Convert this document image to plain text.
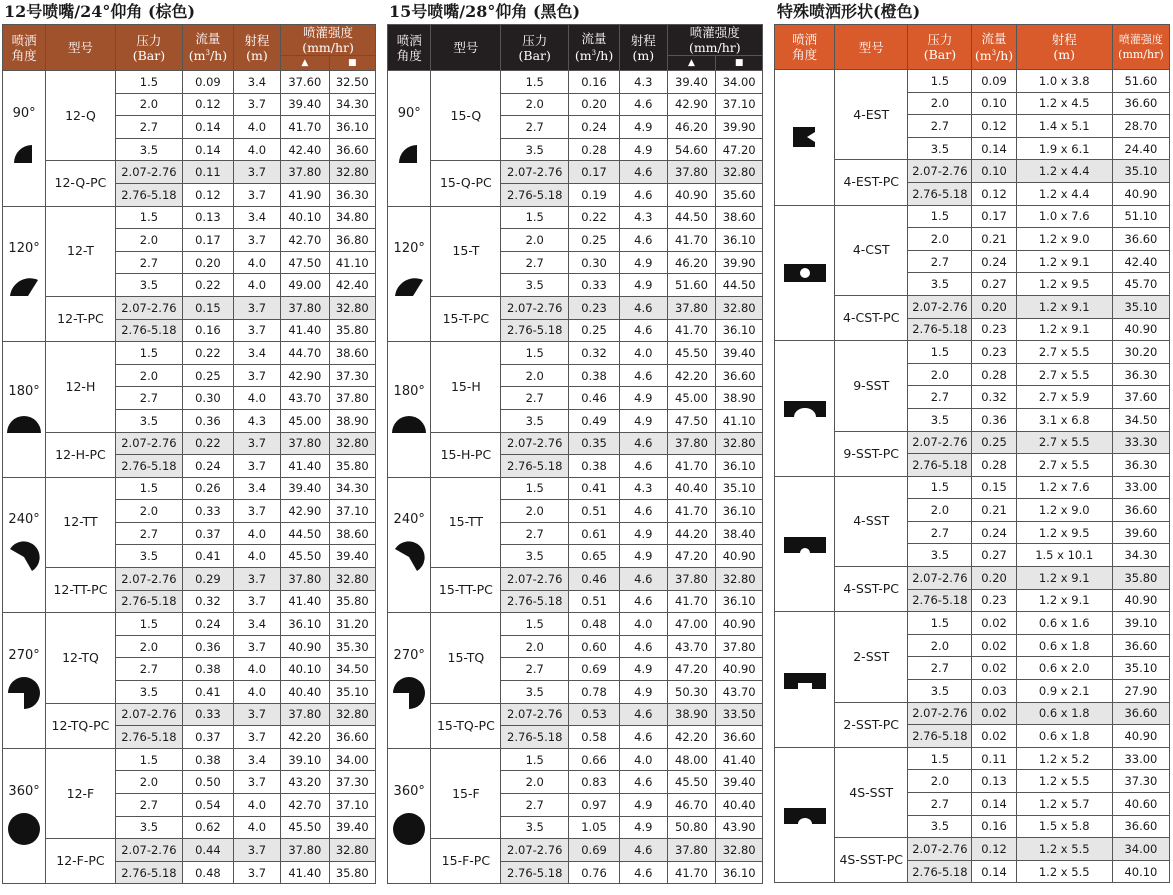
12号喷嘴/24°仰角 (棕色)
喷洒
角度	型号	压力
(Bar)	流量
$(m^3/h)$	射程
(m)	喷灌强度
(mm/hr)	
					▲	■

90°	12-Q	1.5	0.09	3.4	37.60	32.50
		2.0	0.12	3.7	39.40	34.30
		2.7	0.14	4.0	41.70	36.10
		3.5	0.14	4.0	42.40	36.60
	12-Q-PC	2.07-2.76	0.11	3.7	37.80	32.80
		2.76-5.18	0.12	3.7	41.90	36.30

120°	12-T	1.5	0.13	3.4	40.10	34.80
		2.0	0.17	3.7	42.70	36.80
		2.7	0.20	4.0	47.50	41.10
		3.5	0.22	4.0	49.00	42.40
	12-T-PC	2.07-2.76	0.15	3.7	37.80	32.80
		2.76-5.18	0.16	3.7	41.40	35.80

180°	12-H	1.5	0.22	3.4	44.70	38.60
		2.0	0.25	3.7	42.90	37.30
		2.7	0.30	4.0	43.70	37.80
		3.5	0.36	4.3	45.00	38.90
	12-H-PC	2.07-2.76	0.22	3.7	37.80	32.80
		2.76-5.18	0.24	3.7	41.40	35.80

240°	12-TT	1.5	0.26	3.4	39.40	34.30
		2.0	0.33	3.7	42.90	37.10
		2.7	0.37	4.0	44.50	38.60
		3.5	0.41	4.0	45.50	39.40
	12-TT-PC	2.07-2.76	0.29	3.7	37.80	32.80
		2.76-5.18	0.32	3.7	41.40	35.80

270°	12-TQ	1.5	0.24	3.4	36.10	31.20
		2.0	0.36	3.7	40.90	35.30
		2.7	0.38	4.0	40.10	34.50
		3.5	0.41	4.0	40.40	35.10
	12-TQ-PC	2.07-2.76	0.33	3.7	37.80	32.80
		2.76-5.18	0.37	3.7	42.20	36.60

360°	12-F	1.5	0.38	3.4	39.10	34.00
		2.0	0.50	3.7	43.20	37.30
		2.7	0.54	4.0	42.70	37.10
		3.5	0.62	4.0	45.50	39.40
	12-F-PC	2.07-2.76	0.44	3.7	37.80	32.80
		2.76-5.18	0.48	3.7	41.40	35.80
15号喷嘴/28°仰角 (黑色)
喷洒
角度	型号	压力
(Bar)	流量
$(m^3/h)$	射程
(m)	喷灌强度
(mm/hr)	
					▲	■

90°	15-Q	1.5	0.16	4.3	39.40	34.00
		2.0	0.20	4.6	42.90	37.10
		2.7	0.24	4.9	46.20	39.90
		3.5	0.28	4.9	54.60	47.20
	15-Q-PC	2.07-2.76	0.17	4.6	37.80	32.80
		2.76-5.18	0.19	4.6	40.90	35.60

120°	15-T	1.5	0.22	4.3	44.50	38.60
		2.0	0.25	4.6	41.70	36.10
		2.7	0.30	4.9	46.20	39.90
		3.5	0.33	4.9	51.60	44.50
	15-T-PC	2.07-2.76	0.23	4.6	37.80	32.80
		2.76-5.18	0.25	4.6	41.70	36.10

180°	15-H	1.5	0.32	4.0	45.50	39.40
		2.0	0.38	4.6	42.20	36.60
		2.7	0.46	4.9	45.00	38.90
		3.5	0.49	4.9	47.50	41.10
	15-H-PC	2.07-2.76	0.35	4.6	37.80	32.80
		2.76-5.18	0.38	4.6	41.70	36.10

240°	15-TT	1.5	0.41	4.3	40.40	35.10
		2.0	0.51	4.6	41.70	36.10
		2.7	0.61	4.9	44.20	38.40
		3.5	0.65	4.9	47.20	40.90
	15-TT-PC	2.07-2.76	0.46	4.6	37.80	32.80
		2.76-5.18	0.51	4.6	41.70	36.10

270°	15-TQ	1.5	0.48	4.0	47.00	40.90
		2.0	0.60	4.6	43.70	37.80
		2.7	0.69	4.9	47.20	40.90
		3.5	0.78	4.9	50.30	43.70
	15-TQ-PC	2.07-2.76	0.53	4.6	38.90	33.50
		2.76-5.18	0.58	4.6	42.20	36.60

360°	15-F	1.5	0.66	4.0	48.00	41.40
		2.0	0.83	4.6	45.50	39.40
		2.7	0.97	4.9	46.70	40.40
		3.5	1.05	4.9	50.80	43.90
	15-F-PC	2.07-2.76	0.69	4.6	37.80	32.80
		2.76-5.18	0.76	4.6	41.70	36.10
特殊喷洒形状(橙色)
喷洒
角度	型号	压力
(Bar)	流量
$(m^3/h)$	射程
(m)	喷灌强度
(mm/hr)

	4-EST	1.5	0.09	1.0 x 3.8	51.60
		2.0	0.10	1.2 x 4.5	36.60
		2.7	0.12	1.4 x 5.1	28.70
		3.5	0.14	1.9 x 6.1	24.40
	4-EST-PC	2.07-2.76	0.10	1.2 x 4.4	35.10
		2.76-5.18	0.12	1.2 x 4.4	40.90

	4-CST	1.5	0.17	1.0 x 7.6	51.10
		2.0	0.21	1.2 x 9.0	36.60
		2.7	0.24	1.2 x 9.1	42.40
		3.5	0.27	1.2 x 9.5	45.70
	4-CST-PC	2.07-2.76	0.20	1.2 x 9.1	35.10
		2.76-5.18	0.23	1.2 x 9.1	40.90

	9-SST	1.5	0.23	2.7 x 5.5	30.20
		2.0	0.28	2.7 x 5.5	36.30
		2.7	0.32	2.7 x 5.9	37.60
		3.5	0.36	3.1 x 6.8	34.50
	9-SST-PC	2.07-2.76	0.25	2.7 x 5.5	33.30
		2.76-5.18	0.28	2.7 x 5.5	36.30

	4-SST	1.5	0.15	1.2 x 7.6	33.00
		2.0	0.21	1.2 x 9.0	36.60
		2.7	0.24	1.2 x 9.5	39.60
		3.5	0.27	1.5 x 10.1	34.30
	4-SST-PC	2.07-2.76	0.20	1.2 x 9.1	35.80
		2.76-5.18	0.23	1.2 x 9.1	40.90

	2-SST	1.5	0.02	0.6 x 1.6	39.10
		2.0	0.02	0.6 x 1.8	36.60
		2.7	0.02	0.6 x 2.0	35.10
		3.5	0.03	0.9 x 2.1	27.90
	2-SST-PC	2.07-2.76	0.02	0.6 x 1.8	36.60
		2.76-5.18	0.02	0.6 x 1.8	40.90

	4S-SST	1.5	0.11	1.2 x 5.2	33.00
		2.0	0.13	1.2 x 5.5	37.30
		2.7	0.14	1.2 x 5.7	40.60
		3.5	0.16	1.5 x 5.8	36.60
	4S-SST-PC	2.07-2.76	0.12	1.2 x 5.5	34.00
		2.76-5.18	0.14	1.2 x 5.5	40.10
